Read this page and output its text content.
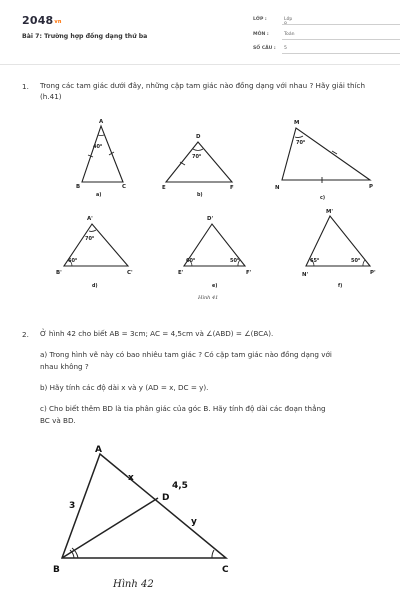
2048vn
Bài 7: Trường hợp đồng dạng thứ ba
LỚP :	Lớp 8
MÔN :	Toán
SỐ CÂU :	5
1. Trong các tam giác dưới đây, những cặp tam giác nào đồng dạng với nhau ? Hãy giải thích (h.41)
A
B	C
40⁰
a)
D
E	F
70⁰
b)
M
N	P
70⁰
c)
A'
B'	C'
70⁰
60⁰
d)
D'
E'	F'
60⁰	50⁰
e)
M'
N'	P'
65⁰	50⁰
f)
Hình 41
2. Ở hình 42 cho biết AB = 3cm; AC = 4,5cm và ∠(ABD) = ∠(BCA).
a) Trong hình vẽ này có bao nhiêu tam giác ? Có cặp tam giác nào đồng dạng với
nhau không ?
b) Hãy tính các độ dài x và y (AD = x, DC = y).
c) Cho biết thêm BD là tia phân giác của góc B. Hãy tính độ dài các đoạn thẳng
BC và BD.
A
B	C
D
3
4,5
x
y
Hình 42
